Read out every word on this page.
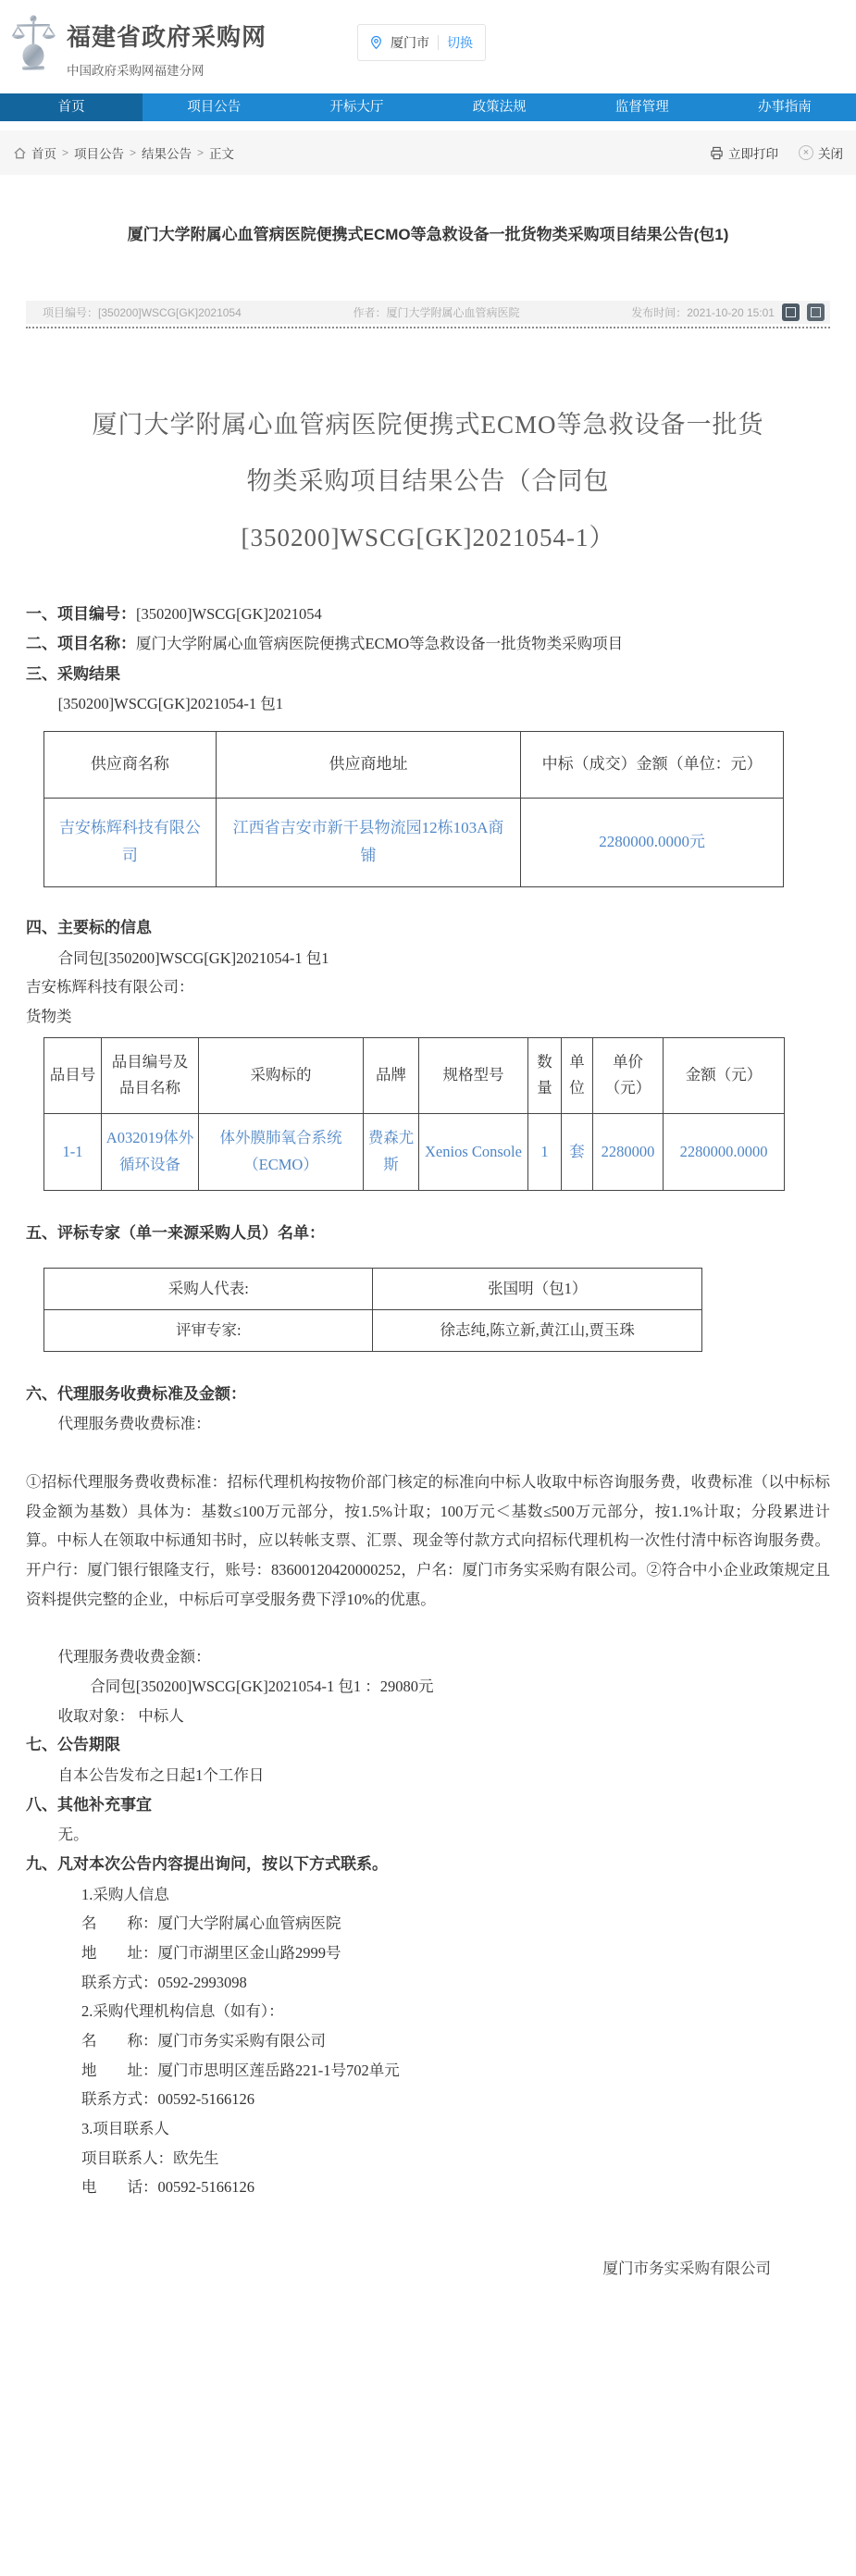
福建省政府采购网
中国政府采购网福建分网
厦门市 切换
首页	项目公告	开标大厅	政策法规	监督管理	办事指南
首页 > 项目公告 > 结果公告 > 正文	立即打印	× 关闭
厦门大学附属心血管病医院便携式ECMO等急救设备一批货物类采购项目结果公告(包1)
项目编号：[350200]WSCG[GK]2021054	作者：厦门大学附属心血管病医院	发布时间：2021-10-20 15:01
厦门大学附属心血管病医院便携式ECMO等急救设备一批货物类采购项目结果公告（合同包[350200]WSCG[GK]2021054-1）
一、项目编号：[350200]WSCG[GK]2021054
二、项目名称：厦门大学附属心血管病医院便携式ECMO等急救设备一批货物类采购项目
三、采购结果
[350200]WSCG[GK]2021054-1 包1
供应商名称	供应商地址	中标（成交）金额（单位：元）
吉安栋辉科技有限公司	江西省吉安市新干县物流园12栋103A商铺	2280000.0000元
四、主要标的信息
合同包[350200]WSCG[GK]2021054-1 包1
吉安栋辉科技有限公司：
货物类
品目号	品目编号及品目名称	采购标的	品牌	规格型号	数量	单位	单价（元）	金额（元）
1-1	A032019体外循环设备	体外膜肺氧合系统（ECMO）	费森尤斯	Xenios Console	1	套	2280000	2280000.0000
五、评标专家（单一来源采购人员）名单：
采购人代表:	张国明（包1）
评审专家:	徐志纯,陈立新,黄江山,贾玉珠
六、代理服务收费标准及金额：
代理服务费收费标准：
①招标代理服务费收费标准：招标代理机构按物价部门核定的标准向中标人收取中标咨询服务费，收费标准（以中标标段金额为基数）具体为：基数≤100万元部分，按1.5%计取；100万元＜基数≤500万元部分，按1.1%计取；分段累进计算。中标人在领取中标通知书时，应以转帐支票、汇票、现金等付款方式向招标代理机构一次性付清中标咨询服务费。 开户行：厦门银行银隆支行，账号：83600120420000252，户名：厦门市务实采购有限公司。②符合中小企业政策规定且资料提供完整的企业，中标后可享受服务费下浮10%的优惠。
代理服务费收费金额：
合同包[350200]WSCG[GK]2021054-1 包1 ：29080元
收取对象： 中标人
七、公告期限
自本公告发布之日起1个工作日
八、其他补充事宜
无。
九、凡对本次公告内容提出询问，按以下方式联系。
1.采购人信息
名　　称：厦门大学附属心血管病医院
地　　址：厦门市湖里区金山路2999号
联系方式：0592-2993098
2.采购代理机构信息（如有）：
名　　称：厦门市务实采购有限公司
地　　址：厦门市思明区莲岳路221-1号702单元
联系方式：00592-5166126
3.项目联系人
项目联系人：欧先生
电　　话：00592-5166126
厦门市务实采购有限公司
